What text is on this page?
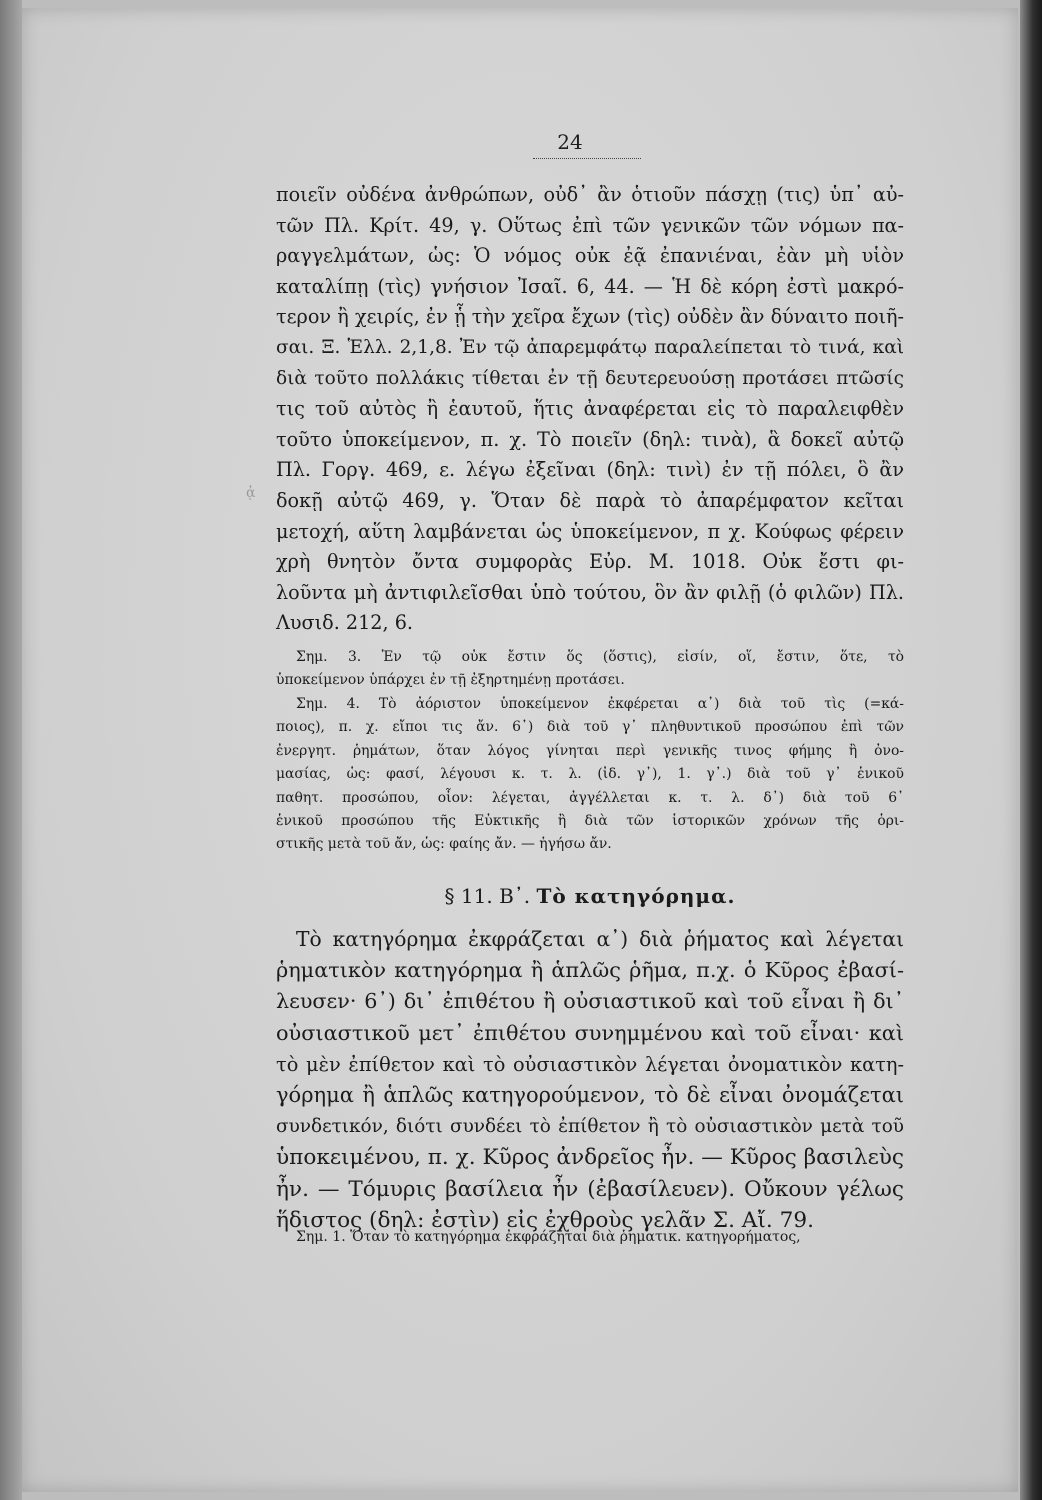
24
ᾀ
ποιεῖν οὐδένα ἀνθρώπων, οὐδ᾽ ἂν ὁτιοῦν πάσχῃ (τις) ὑπ᾽ αὐ-
τῶν Πλ. Κρίτ. 49, γ. Οὕτως ἐπὶ τῶν γενικῶν τῶν νόμων πα-
ραγγελμάτων, ὡς: Ὁ νόμος οὐκ ἐᾷ ἐπανιέναι, ἐὰν μὴ υἱὸν
καταλίπῃ (τὶς) γνήσιον Ἰσαῖ. 6, 44. — Ἡ δὲ κόρη ἐστὶ μακρό-
τερον ἢ χειρίς, ἐν ᾗ τὴν χεῖρα ἔχων (τὶς) οὐδὲν ἂν δύναιτο ποιῆ-
σαι. Ξ. Ἑλλ. 2,1,8. Ἐν τῷ ἀπαρεμφάτῳ παραλείπεται τὸ τινά, καὶ
διὰ τοῦτο πολλάκις τίθεται ἐν τῇ δευτερευούσῃ προτάσει πτῶσίς
τις τοῦ αὐτὸς ἢ ἑαυτοῦ, ἥτις ἀναφέρεται εἰς τὸ παραλειφθὲν
τοῦτο ὑποκείμενον, π. χ. Τὸ ποιεῖν (δηλ: τινὰ), ἃ δοκεῖ αὐτῷ
Πλ. Γοργ. 469, ε. λέγω ἐξεῖναι (δηλ: τινὶ) ἐν τῇ πόλει, ὃ ἂν
δοκῇ αὐτῷ 469, γ. Ὅταν δὲ παρὰ τὸ ἀπαρέμφατον κεῖται
μετοχή, αὕτη λαμβάνεται ὡς ὑποκείμενον, π χ. Κούφως φέρειν
χρὴ θνητὸν ὄντα συμφορὰς Εὐρ. Μ. 1018. Οὐκ ἔστι φι-
λοῦντα μὴ ἀντιφιλεῖσθαι ὑπὸ τούτου, ὃν ἂν φιλῇ (ὁ φιλῶν) Πλ.
Λυσιδ. 212, 6.
Σημ. 3. Ἐν τῷ οὐκ ἔστιν ὅς (ὅστις), εἰσίν, οἵ, ἔστιν, ὅτε, τὸ
ὑποκείμενον ὑπάρχει ἐν τῇ ἐξηρτημένῃ προτάσει.
Σημ. 4. Τὸ ἀόριστον ὑποκείμενον ἐκφέρεται α᾽) διὰ τοῦ τὶς (=κά-
ποιος), π. χ. εἴποι τις ἄν. 6᾽) διὰ τοῦ γ᾽ πληθυντικοῦ προσώπου ἐπὶ τῶν
ἐνεργητ. ῥημάτων, ὅταν λόγος γίνηται περὶ γενικῆς τινος φήμης ἢ ὀνο-
μασίας, ὡς: φασί, λέγουσι κ. τ. λ. (ἰδ. γ᾽), 1. γ᾽.) διὰ τοῦ γ᾽ ἑνικοῦ
παθητ. προσώπου, οἷον: λέγεται, ἀγγέλλεται κ. τ. λ. δ᾽) διὰ τοῦ 6᾽
ἑνικοῦ προσώπου τῆς Εὐκτικῆς ἢ διὰ τῶν ἱστορικῶν χρόνων τῆς ὁρι-
στικῆς μετὰ τοῦ ἄν, ὡς: φαίης ἄν. — ἡγήσω ἄν.
§ 11. Β᾽. Τὸ κατηγόρημα.
Τὸ κατηγόρημα ἐκφράζεται α᾽) διὰ ῥήματος καὶ λέγεται
ῥηματικὸν κατηγόρημα ἢ ἁπλῶς ῥῆμα, π.χ. ὁ Κῦρος ἐβασί-
λευσεν· 6᾽) δι᾽ ἐπιθέτου ἢ οὐσιαστικοῦ καὶ τοῦ εἶναι ἢ δι᾽
οὐσιαστικοῦ μετ᾽ ἐπιθέτου συνημμένου καὶ τοῦ εἶναι· καὶ
τὸ μὲν ἐπίθετον καὶ τὸ οὐσιαστικὸν λέγεται ὀνοματικὸν κατη-
γόρημα ἢ ἁπλῶς κατηγορούμενον, τὸ δὲ εἶναι ὀνομάζεται
συνδετικόν, διότι συνδέει τὸ ἐπίθετον ἢ τὸ οὐσιαστικὸν μετὰ τοῦ
ὑποκειμένου, π. χ. Κῦρος ἀνδρεῖος ἦν. — Κῦρος βασιλεὺς
ἦν. — Τόμυρις βασίλεια ἦν (ἐβασίλευεν). Οὔκουν γέλως
ἥδιστος (δηλ: ἐστὶν) εἰς ἐχθροὺς γελᾶν Σ. Αἴ. 79.
Σημ. 1. Ὅταν τὸ κατηγόρημα ἐκφράζηται διὰ ῥηματικ. κατηγορήματος,
